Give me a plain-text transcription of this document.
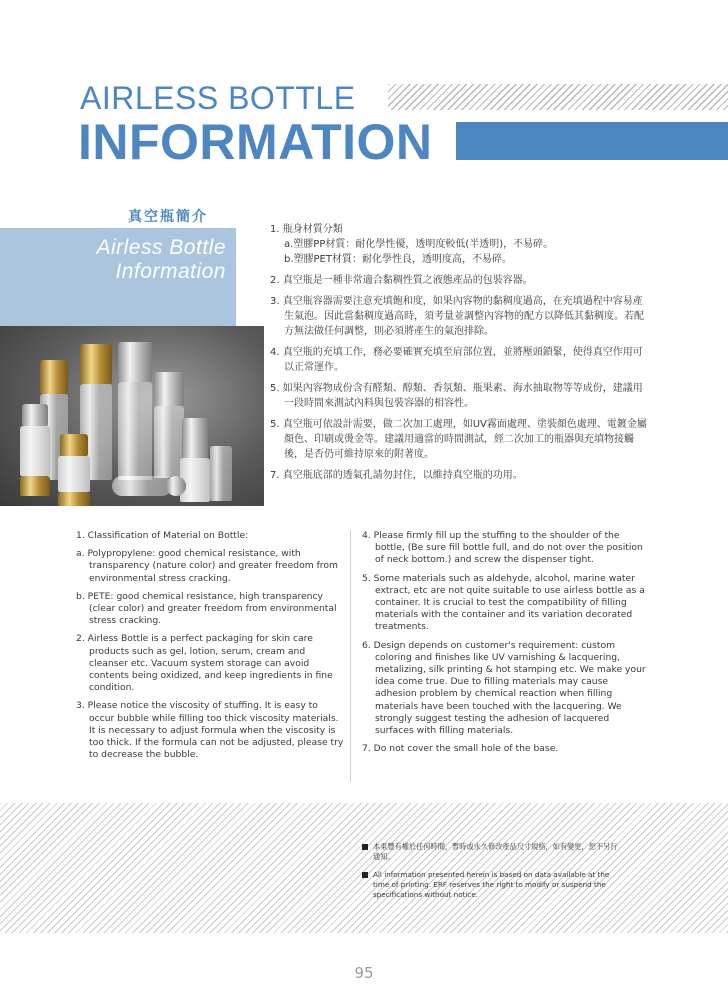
AIRLESS BOTTLE
INFORMATION
真空瓶簡介
Airless Bottle
Information
1. 瓶身材質分類
a.塑膠PP材質：耐化學性優，透明度較低(半透明)，不易碎。
b.塑膠PET材質：耐化學性良，透明度高，不易碎。
2. 真空瓶是一種非常適合黏稠性質之液態產品的包裝容器。
3. 真空瓶容器需要注意充填飽和度，如果內容物的黏稠度過高，在充填過程中容易產生氣泡。因此當黏稠度過高時，須考量並調整內容物的配方以降低其黏稠度。若配方無法做任何調整，則必須將產生的氣泡排除。
4. 真空瓶的充填工作，務必要確實充填至肩部位置，並將壓頭鎖緊，使得真空作用可以正常運作。
5. 如果內容物成份含有醛類、醇類、香氛類、瓶果素、海水抽取物等等成份，建議用一段時間來測試內料與包裝容器的相容性。
5. 真空瓶可依設計需要，做二次加工處理，如UV霧面處理、塗裝顏色處理、電鍍金屬顏色、印刷或燙金等。建議用適當的時間測試，經二次加工的瓶器與充填物接觸後，是否仍可維持原來的附著度。
7. 真空瓶底部的透氣孔請勿封住，以維持真空瓶的功用。
1. Classification of Material on Bottle:
a. Polypropylene: good chemical resistance, with transparency (nature color) and greater freedom from environmental stress cracking.
b. PETE: good chemical resistance, high transparency (clear color) and greater freedom from environmental stress cracking.
2. Airless Bottle is a perfect packaging for skin care products such as gel, lotion, serum, cream and cleanser etc. Vacuum system storage can avoid contents being oxidized, and keep ingredients in fine condition.
3. Please notice the viscosity of stuffing. It is easy to occur bubble while filling too thick viscosity materials. It is necessary to adjust formula when the viscosity is too thick. If the formula can not be adjusted, please try to decrease the bubble.
4. Please firmly fill up the stuffing to the shoulder of the bottle, (Be sure fill bottle full, and do not over the position of neck bottom.) and screw the dispenser tight.
5. Some materials such as aldehyde, alcohol, marine water extract, etc are not quite suitable to use airless bottle as a container. It is crucial to test the compatibility of filling materials with the container and its variation decorated treatments.
6. Design depends on customer's requirement: custom coloring and finishes like UV varnishing & lacquering, metalizing, silk printing & hot stamping etc. We make your idea come true. Due to filling materials may cause adhesion problem by chemical reaction when filling materials have been touched with the lacquering. We strongly suggest testing the adhesion of lacquered surfaces with filling materials.
7. Do not cover the small hole of the base.
本東豐有權於任何時間，暫時或永久修改產品尺寸規格，如有變更，恕不另行通知。
All information presented herein is based on data available at the time of printing. ERF reserves the right to modify or suspend the specifications without notice.
95
